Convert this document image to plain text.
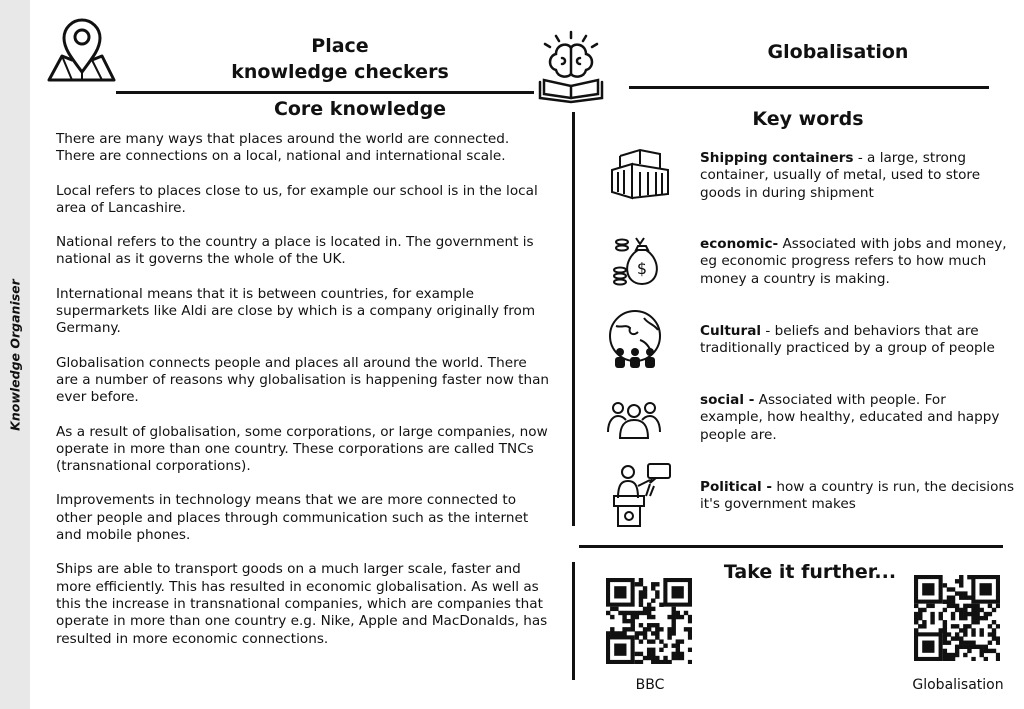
Knowledge Organiser
Place
knowledge checkers
Globalisation
Core knowledge

There are many ways that places around the world are connected. There are connections on a local, national and international scale.

Local refers to places close to us, for example our school is in the local area of Lancashire.

National refers to the country a place is located in. The government is national as it governs the whole of the UK.

International means that it is between countries, for example supermarkets like Aldi are close by which is a company originally from Germany.

Globalisation connects people and places all around the world. There are a number of reasons why globalisation is happening faster now than ever before.

As a result of globalisation, some corporations, or large companies, now operate in more than one country. These corporations are called TNCs (transnational corporations).

Improvements in technology means that we are more connected to other people and places through communication such as the internet and mobile phones.

Ships are able to transport goods on a much larger scale, faster and more efficiently. This has resulted in economic globalisation. As well as this the increase in transnational companies, which are companies that operate in more than one country e.g. Nike, Apple and MacDonalds, has resulted in more economic connections.

Key words
$
Shipping containers - a large, strong container, usually of metal, used to store goods in during shipment
economic- Associated with jobs and money, eg economic progress refers to how much money a country is making.
Cultural - beliefs and behaviors that are traditionally practiced by a group of people
social - Associated with people. For example, how healthy, educated and happy people are.
Political - how a country is run, the decisions it's government makes
Take it further...
BBC	Globalisation
